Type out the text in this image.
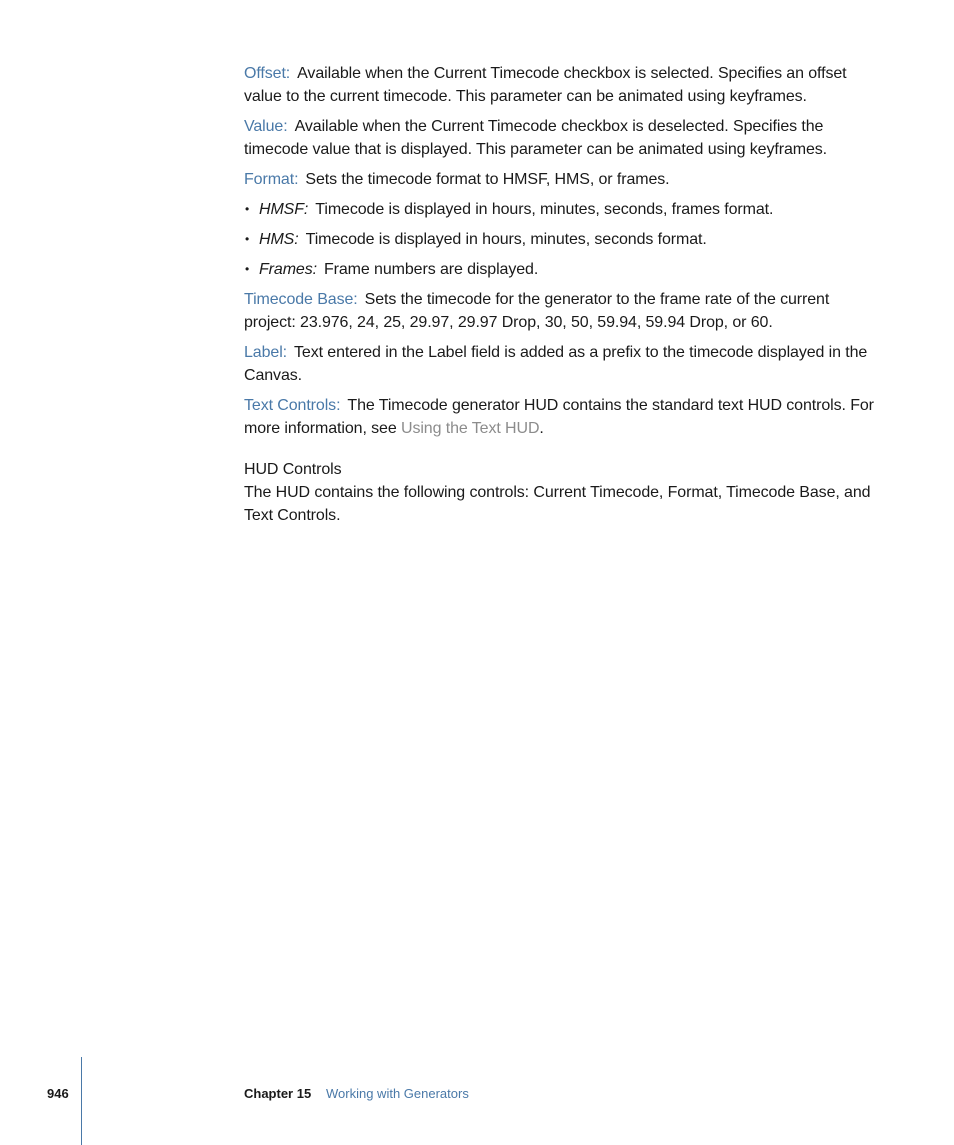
Offset: Available when the Current Timecode checkbox is selected. Specifies an offset value to the current timecode. This parameter can be animated using keyframes.

Value: Available when the Current Timecode checkbox is deselected. Specifies the timecode value that is displayed. This parameter can be animated using keyframes.

Format: Sets the timecode format to HMSF, HMS, or frames.

• HMSF: Timecode is displayed in hours, minutes, seconds, frames format.
• HMS: Timecode is displayed in hours, minutes, seconds format.
• Frames: Frame numbers are displayed.

Timecode Base: Sets the timecode for the generator to the frame rate of the current project: 23.976, 24, 25, 29.97, 29.97 Drop, 30, 50, 59.94, 59.94 Drop, or 60.

Label: Text entered in the Label field is added as a prefix to the timecode displayed in the Canvas.

Text Controls: The Timecode generator HUD contains the standard text HUD controls. For more information, see Using the Text HUD.

HUD Controls
The HUD contains the following controls: Current Timecode, Format, Timecode Base, and Text Controls.
946	Chapter 15 Working with Generators
